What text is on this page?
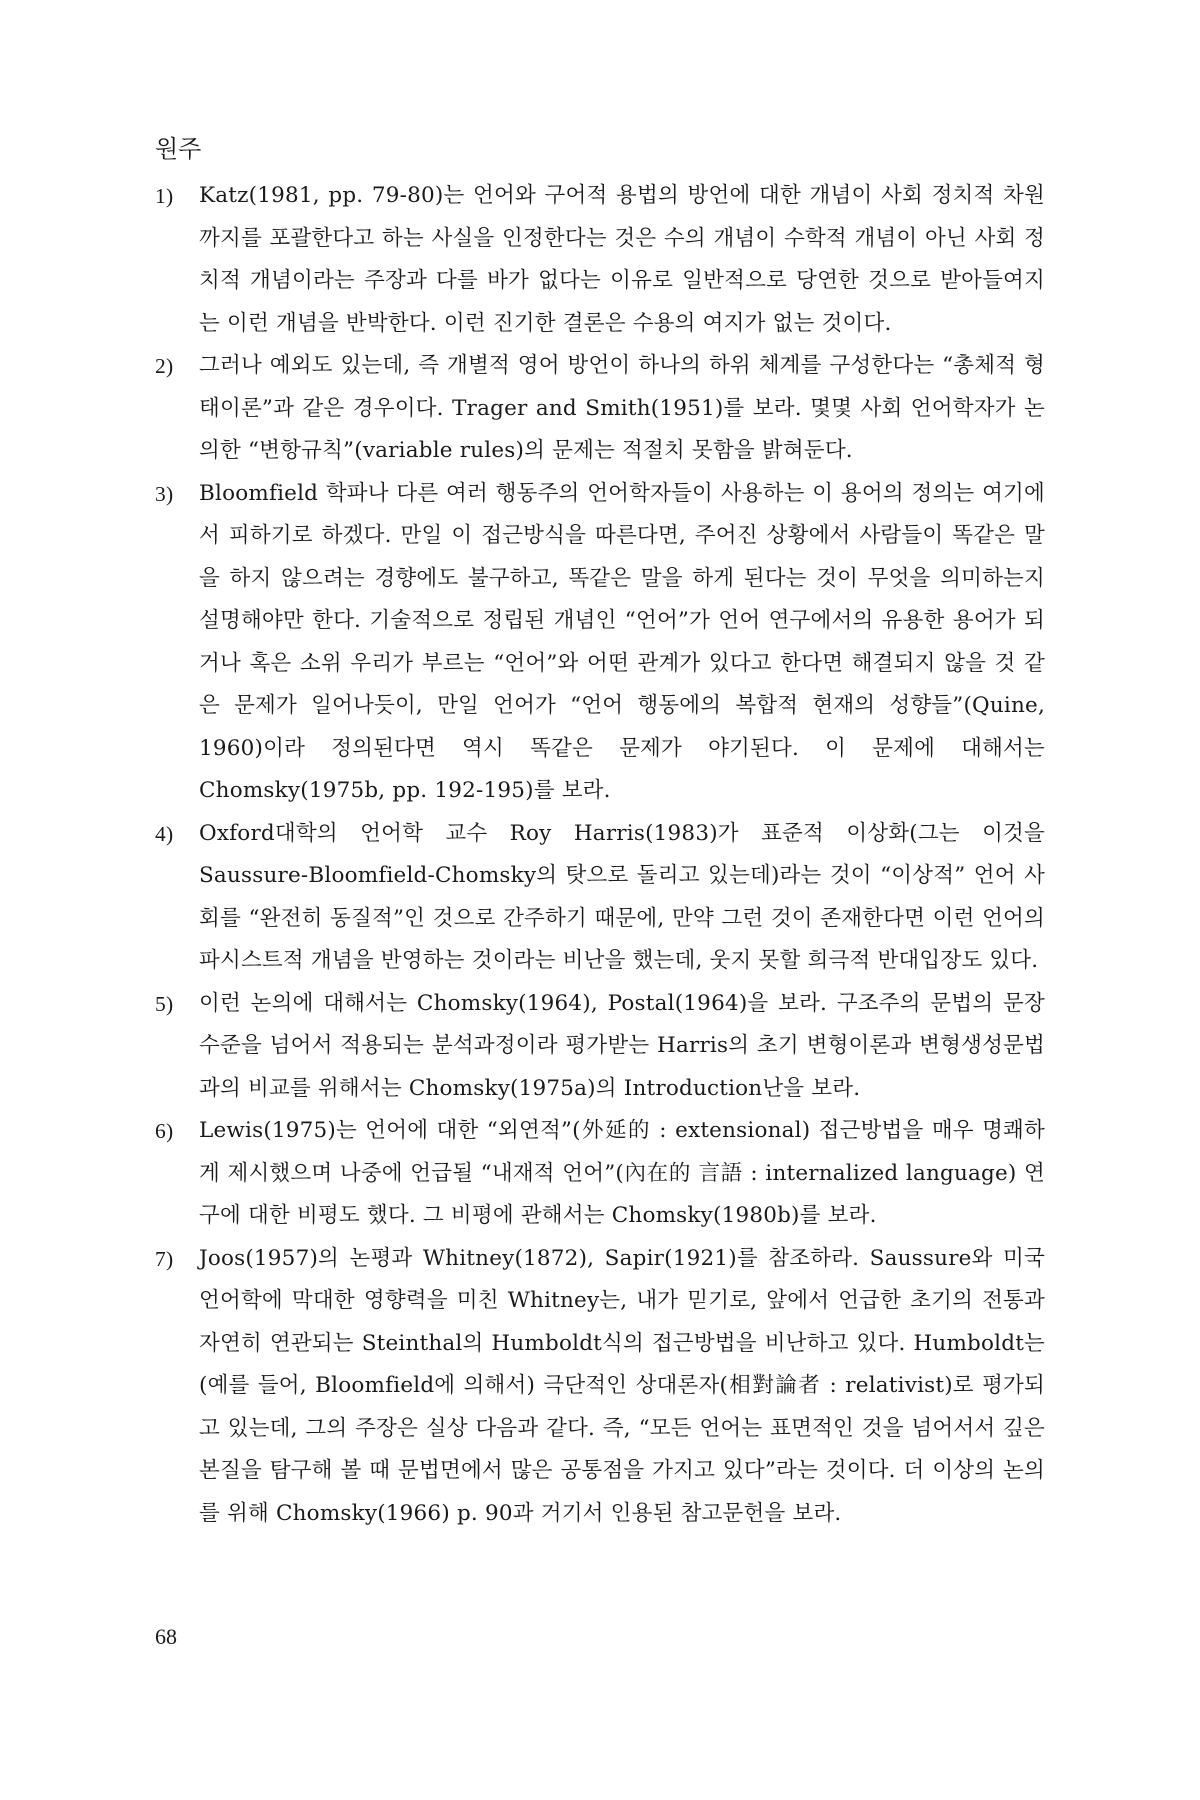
원주
1) Katz(1981, pp. 79-80)는 언어와 구어적 용법의 방언에 대한 개념이 사회 정치적 차원까지를 포괄한다고 하는 사실을 인정한다는 것은 수의 개념이 수학적 개념이 아닌 사회 정치적 개념이라는 주장과 다를 바가 없다는 이유로 일반적으로 당연한 것으로 받아들여지는 이런 개념을 반박한다. 이런 진기한 결론은 수용의 여지가 없는 것이다.
2) 그러나 예외도 있는데, 즉 개별적 영어 방언이 하나의 하위 체계를 구성한다는 “총체적 형태이론”과 같은 경우이다. Trager and Smith(1951)를 보라. 몇몇 사회 언어학자가 논의한 “변항규칙”(variable rules)의 문제는 적절치 못함을 밝혀둔다.
3) Bloomfield 학파나 다른 여러 행동주의 언어학자들이 사용하는 이 용어의 정의는 여기에서 피하기로 하겠다. 만일 이 접근방식을 따른다면, 주어진 상황에서 사람들이 똑같은 말을 하지 않으려는 경향에도 불구하고, 똑같은 말을 하게 된다는 것이 무엇을 의미하는지 설명해야만 한다. 기술적으로 정립된 개념인 “언어”가 언어 연구에서의 유용한 용어가 되거나 혹은 소위 우리가 부르는 “언어”와 어떤 관계가 있다고 한다면 해결되지 않을 것 같은 문제가 일어나듯이, 만일 언어가 “언어 행동에의 복합적 현재의 성향들”(Quine, 1960)이라 정의된다면 역시 똑같은 문제가 야기된다. 이 문제에 대해서는 Chomsky(1975b, pp. 192-195)를 보라.
4) Oxford대학의 언어학 교수 Roy Harris(1983)가 표준적 이상화(그는 이것을 Saussure-Bloomfield-Chomsky의 탓으로 돌리고 있는데)라는 것이 “이상적” 언어 사회를 “완전히 동질적”인 것으로 간주하기 때문에, 만약 그런 것이 존재한다면 이런 언어의 파시스트적 개념을 반영하는 것이라는 비난을 했는데, 웃지 못할 희극적 반대입장도 있다.
5) 이런 논의에 대해서는 Chomsky(1964), Postal(1964)을 보라. 구조주의 문법의 문장 수준을 넘어서 적용되는 분석과정이라 평가받는 Harris의 초기 변형이론과 변형생성문법과의 비교를 위해서는 Chomsky(1975a)의 Introduction난을 보라.
6) Lewis(1975)는 언어에 대한 “외연적”(外延的 : extensional) 접근방법을 매우 명쾌하게 제시했으며 나중에 언급될 “내재적 언어”(內在的 言語 : internalized language) 연구에 대한 비평도 했다. 그 비평에 관해서는 Chomsky(1980b)를 보라.
7) Joos(1957)의 논평과 Whitney(1872), Sapir(1921)를 참조하라. Saussure와 미국 언어학에 막대한 영향력을 미친 Whitney는, 내가 믿기로, 앞에서 언급한 초기의 전통과 자연히 연관되는 Steinthal의 Humboldt식의 접근방법을 비난하고 있다. Humboldt는 (예를 들어, Bloomfield에 의해서) 극단적인 상대론자(相對論者 : relativist)로 평가되고 있는데, 그의 주장은 실상 다음과 같다. 즉, “모든 언어는 표면적인 것을 넘어서서 깊은 본질을 탐구해 볼 때 문법면에서 많은 공통점을 가지고 있다”라는 것이다. 더 이상의 논의를 위해 Chomsky(1966) p. 90과 거기서 인용된 참고문헌을 보라.
68
